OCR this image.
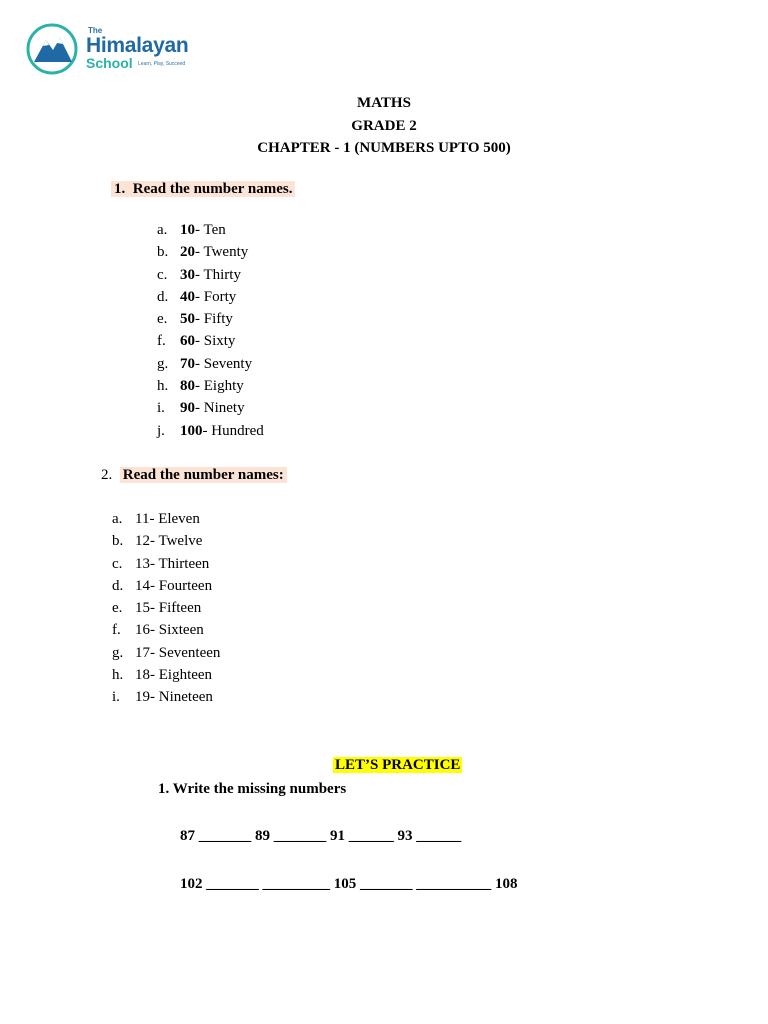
The
Himalayan
School Learn, Play, Succeed
MATHS
GRADE 2
CHAPTER - 1 (NUMBERS UPTO 500)
1. Read the number names.
a. 10- Ten
b. 20- Twenty
c. 30- Thirty
d. 40- Forty
e. 50- Fifty
f. 60- Sixty
g. 70- Seventy
h. 80- Eighty
i. 90- Ninety
j. 100- Hundred
2. Read the number names:
a. 11- Eleven
b. 12- Twelve
c. 13- Thirteen
d. 14- Fourteen
e. 15- Fifteen
f. 16- Sixteen
g. 17- Seventeen
h. 18- Eighteen
i. 19- Nineteen
LET’S PRACTICE
1. Write the missing numbers
87 _______ 89 _______ 91 ______ 93 ______
102 _______ _________ 105 _______ __________ 108
